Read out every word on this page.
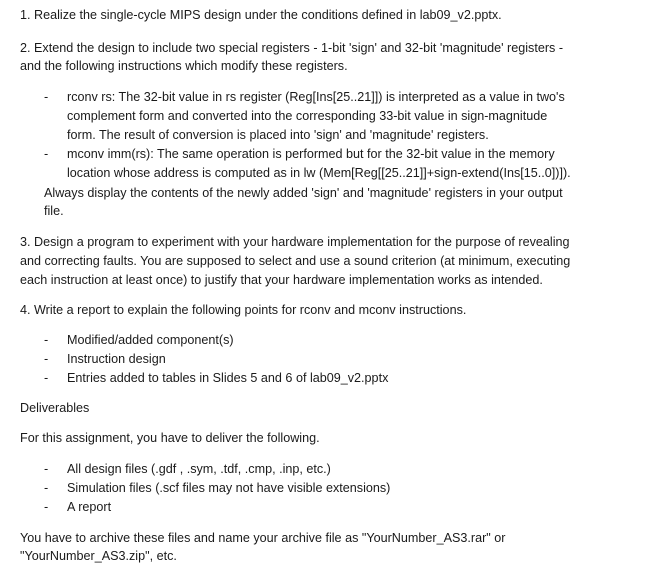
1. Realize the single-cycle MIPS design under the conditions defined in lab09_v2.pptx.
2. Extend the design to include two special registers - 1-bit 'sign' and 32-bit 'magnitude' registers -
and the following instructions which modify these registers.
- rconv rs: The 32-bit value in rs register (Reg[Ins[25..21]]) is interpreted as a value in two's
complement form and converted into the corresponding 33-bit value in sign-magnitude
form. The result of conversion is placed into 'sign' and 'magnitude' registers.
- mconv imm(rs): The same operation is performed but for the 32-bit value in the memory
location whose address is computed as in lw (Mem[Reg[[25..21]]+sign-extend(Ins[15..0])]).
Always display the contents of the newly added 'sign' and 'magnitude' registers in your output
file.
3. Design a program to experiment with your hardware implementation for the purpose of revealing
and correcting faults. You are supposed to select and use a sound criterion (at minimum, executing
each instruction at least once) to justify that your hardware implementation works as intended.
4. Write a report to explain the following points for rconv and mconv instructions.
- Modified/added component(s)
- Instruction design
- Entries added to tables in Slides 5 and 6 of lab09_v2.pptx
Deliverables
For this assignment, you have to deliver the following.
- All design files (.gdf , .sym, .tdf, .cmp, .inp, etc.)
- Simulation files (.scf files may not have visible extensions)
- A report
You have to archive these files and name your archive file as "YourNumber_AS3.rar" or
"YourNumber_AS3.zip", etc.
